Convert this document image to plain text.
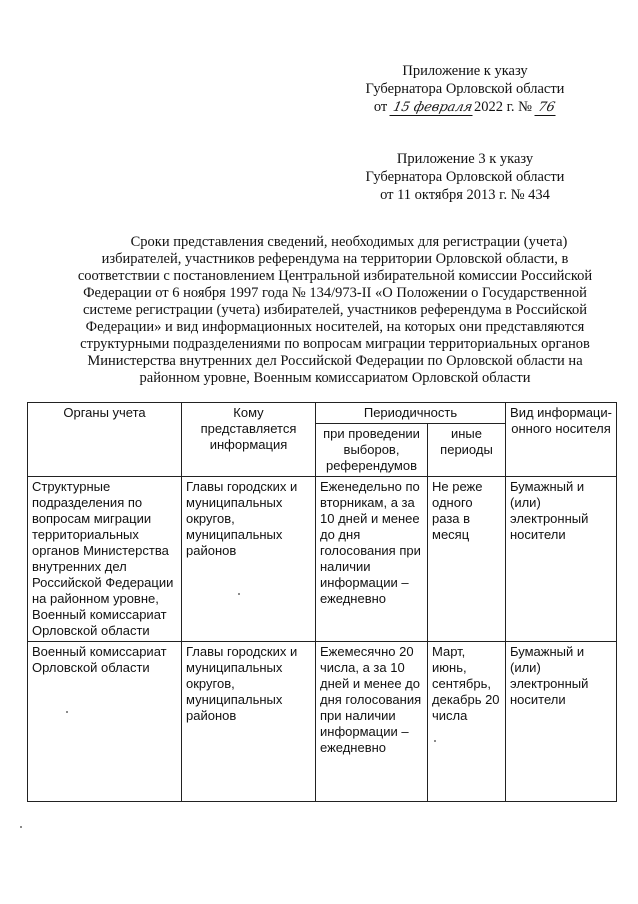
Приложение к указу
Губернатора Орловской области
от 15 февраля2022 г. № 76
Приложение 3 к указу
Губернатора Орловской области
от 11 октября 2013 г. № 434

Сроки представления сведений, необходимых для регистрации (учета) избирателей, участников референдума на территории Орловской области, в соответствии с постановлением Центральной избирательной комиссии Российской Федерации от 6 ноября 1997 года № 134/973-II «О Положении о Государственной системе регистрации (учета) избирателей, участников референдума в Российской Федерации» и вид информационных носителей, на которых они представляются структурными подразделениями по вопросам миграции территориальных органов Министерства внутренних дел Российской Федерации по Орловской области на районном уровне, Военным комиссариатом Орловской области

Органы учета	Кому представляется информация	Периодичность		Вид информаци-онного носителя
		при проведении выборов, референдумов	иные периоды	
Структурные подразделения по вопросам миграции территориальных органов Министерства внутренних дел Российской Федерации на районном уровне, Военный комиссариат Орловской области	Главы городских и муниципальных округов, муниципальных районов	Еженедельно по вторникам, а за 10 дней и менее до дня голосования при наличии информации – ежедневно	Не реже одного раза в месяц	Бумажный и (или) электронный носители
Военный комиссариат Орловской области	Главы городских и муниципальных округов, муниципальных районов	Ежемесячно 20 числа, а за 10 дней и менее до дня голосования при наличии информации – ежедневно	Март, июнь, сентябрь, декабрь 20 числа	Бумажный и (или) электронный носители
